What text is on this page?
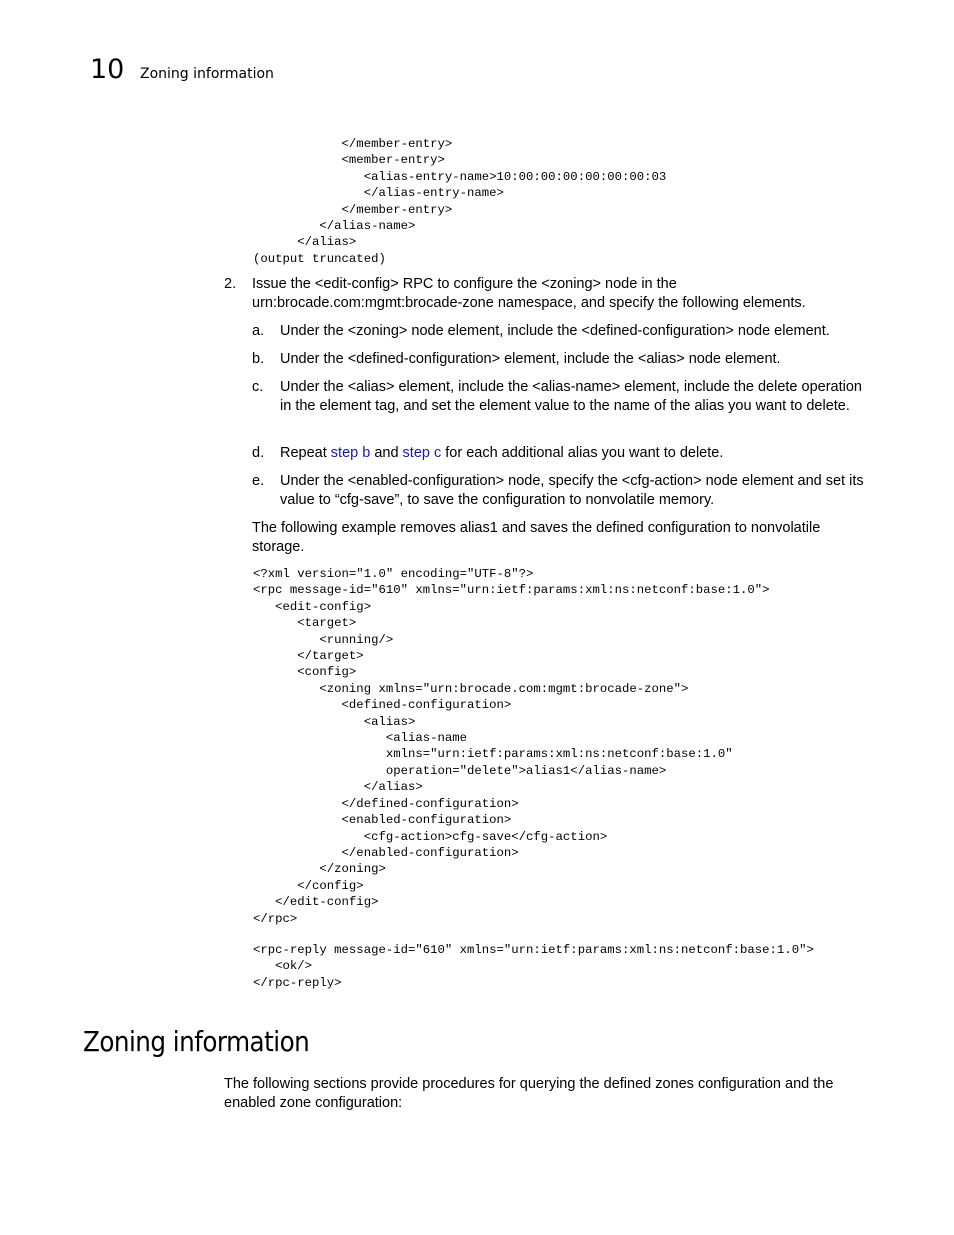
10 Zoning information
</member-entry>
<member-entry>
<alias-entry-name>10:00:00:00:00:00:00:03
</alias-entry-name>
</member-entry>
</alias-name>
</alias>
(output truncated)
2. Issue the <edit-config> RPC to configure the <zoning> node in the urn:brocade.com:mgmt:brocade-zone namespace, and specify the following elements.
a. Under the <zoning> node element, include the <defined-configuration> node element.
b. Under the <defined-configuration> element, include the <alias> node element.
c. Under the <alias> element, include the <alias-name> element, include the delete operation in the element tag, and set the element value to the name of the alias you want to delete.
d. Repeat step b and step c for each additional alias you want to delete.
e. Under the <enabled-configuration> node, specify the <cfg-action> node element and set its value to “cfg-save”, to save the configuration to nonvolatile memory.
The following example removes alias1 and saves the defined configuration to nonvolatile storage.
<?xml version="1.0" encoding="UTF-8"?>
<rpc message-id="610" xmlns="urn:ietf:params:xml:ns:netconf:base:1.0">
<edit-config>
<target>
<running/>
</target>
<config>
<zoning xmlns="urn:brocade.com:mgmt:brocade-zone">
<defined-configuration>
<alias>
<alias-name
xmlns="urn:ietf:params:xml:ns:netconf:base:1.0"
operation="delete">alias1</alias-name>
</alias>
</defined-configuration>
<enabled-configuration>
<cfg-action>cfg-save</cfg-action>
</enabled-configuration>
</zoning>
</config>
</edit-config>
</rpc>
<rpc-reply message-id="610" xmlns="urn:ietf:params:xml:ns:netconf:base:1.0">
<ok/>
</rpc-reply>
Zoning information
The following sections provide procedures for querying the defined zones configuration and the enabled zone configuration:
